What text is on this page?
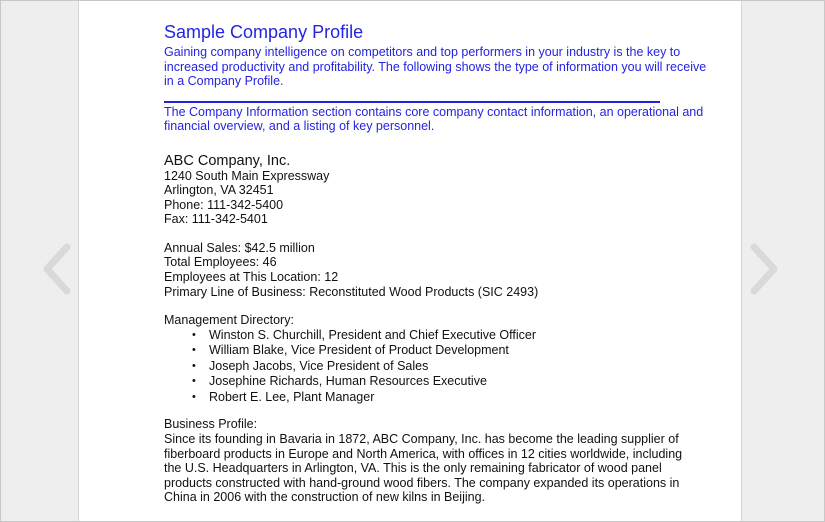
Sample Company Profile

Gaining company intelligence on competitors and top performers in your industry is the key to increased productivity and profitability. The following shows the type of information you will receive in a Company Profile.

The Company Information section contains core company contact information, an operational and financial overview, and a listing of key personnel.

ABC Company, Inc.
1240 South Main Expressway
Arlington, VA 32451
Phone: 111-342-5400
Fax: 111-342-5401
Annual Sales: $42.5 million
Total Employees: 46
Employees at This Location: 12
Primary Line of Business: Reconstituted Wood Products (SIC 2493)
Management Directory:
• Winston S. Churchill, President and Chief Executive Officer
• William Blake, Vice President of Product Development
• Joseph Jacobs, Vice President of Sales
• Josephine Richards, Human Resources Executive
• Robert E. Lee, Plant Manager
Business Profile:
Since its founding in Bavaria in 1872, ABC Company, Inc. has become the leading supplier of
fiberboard products in Europe and North America, with offices in 12 cities worldwide, including
the U.S. Headquarters in Arlington, VA. This is the only remaining fabricator of wood panel
products constructed with hand-ground wood fibers. The company expanded its operations in
China in 2006 with the construction of new kilns in Beijing.
